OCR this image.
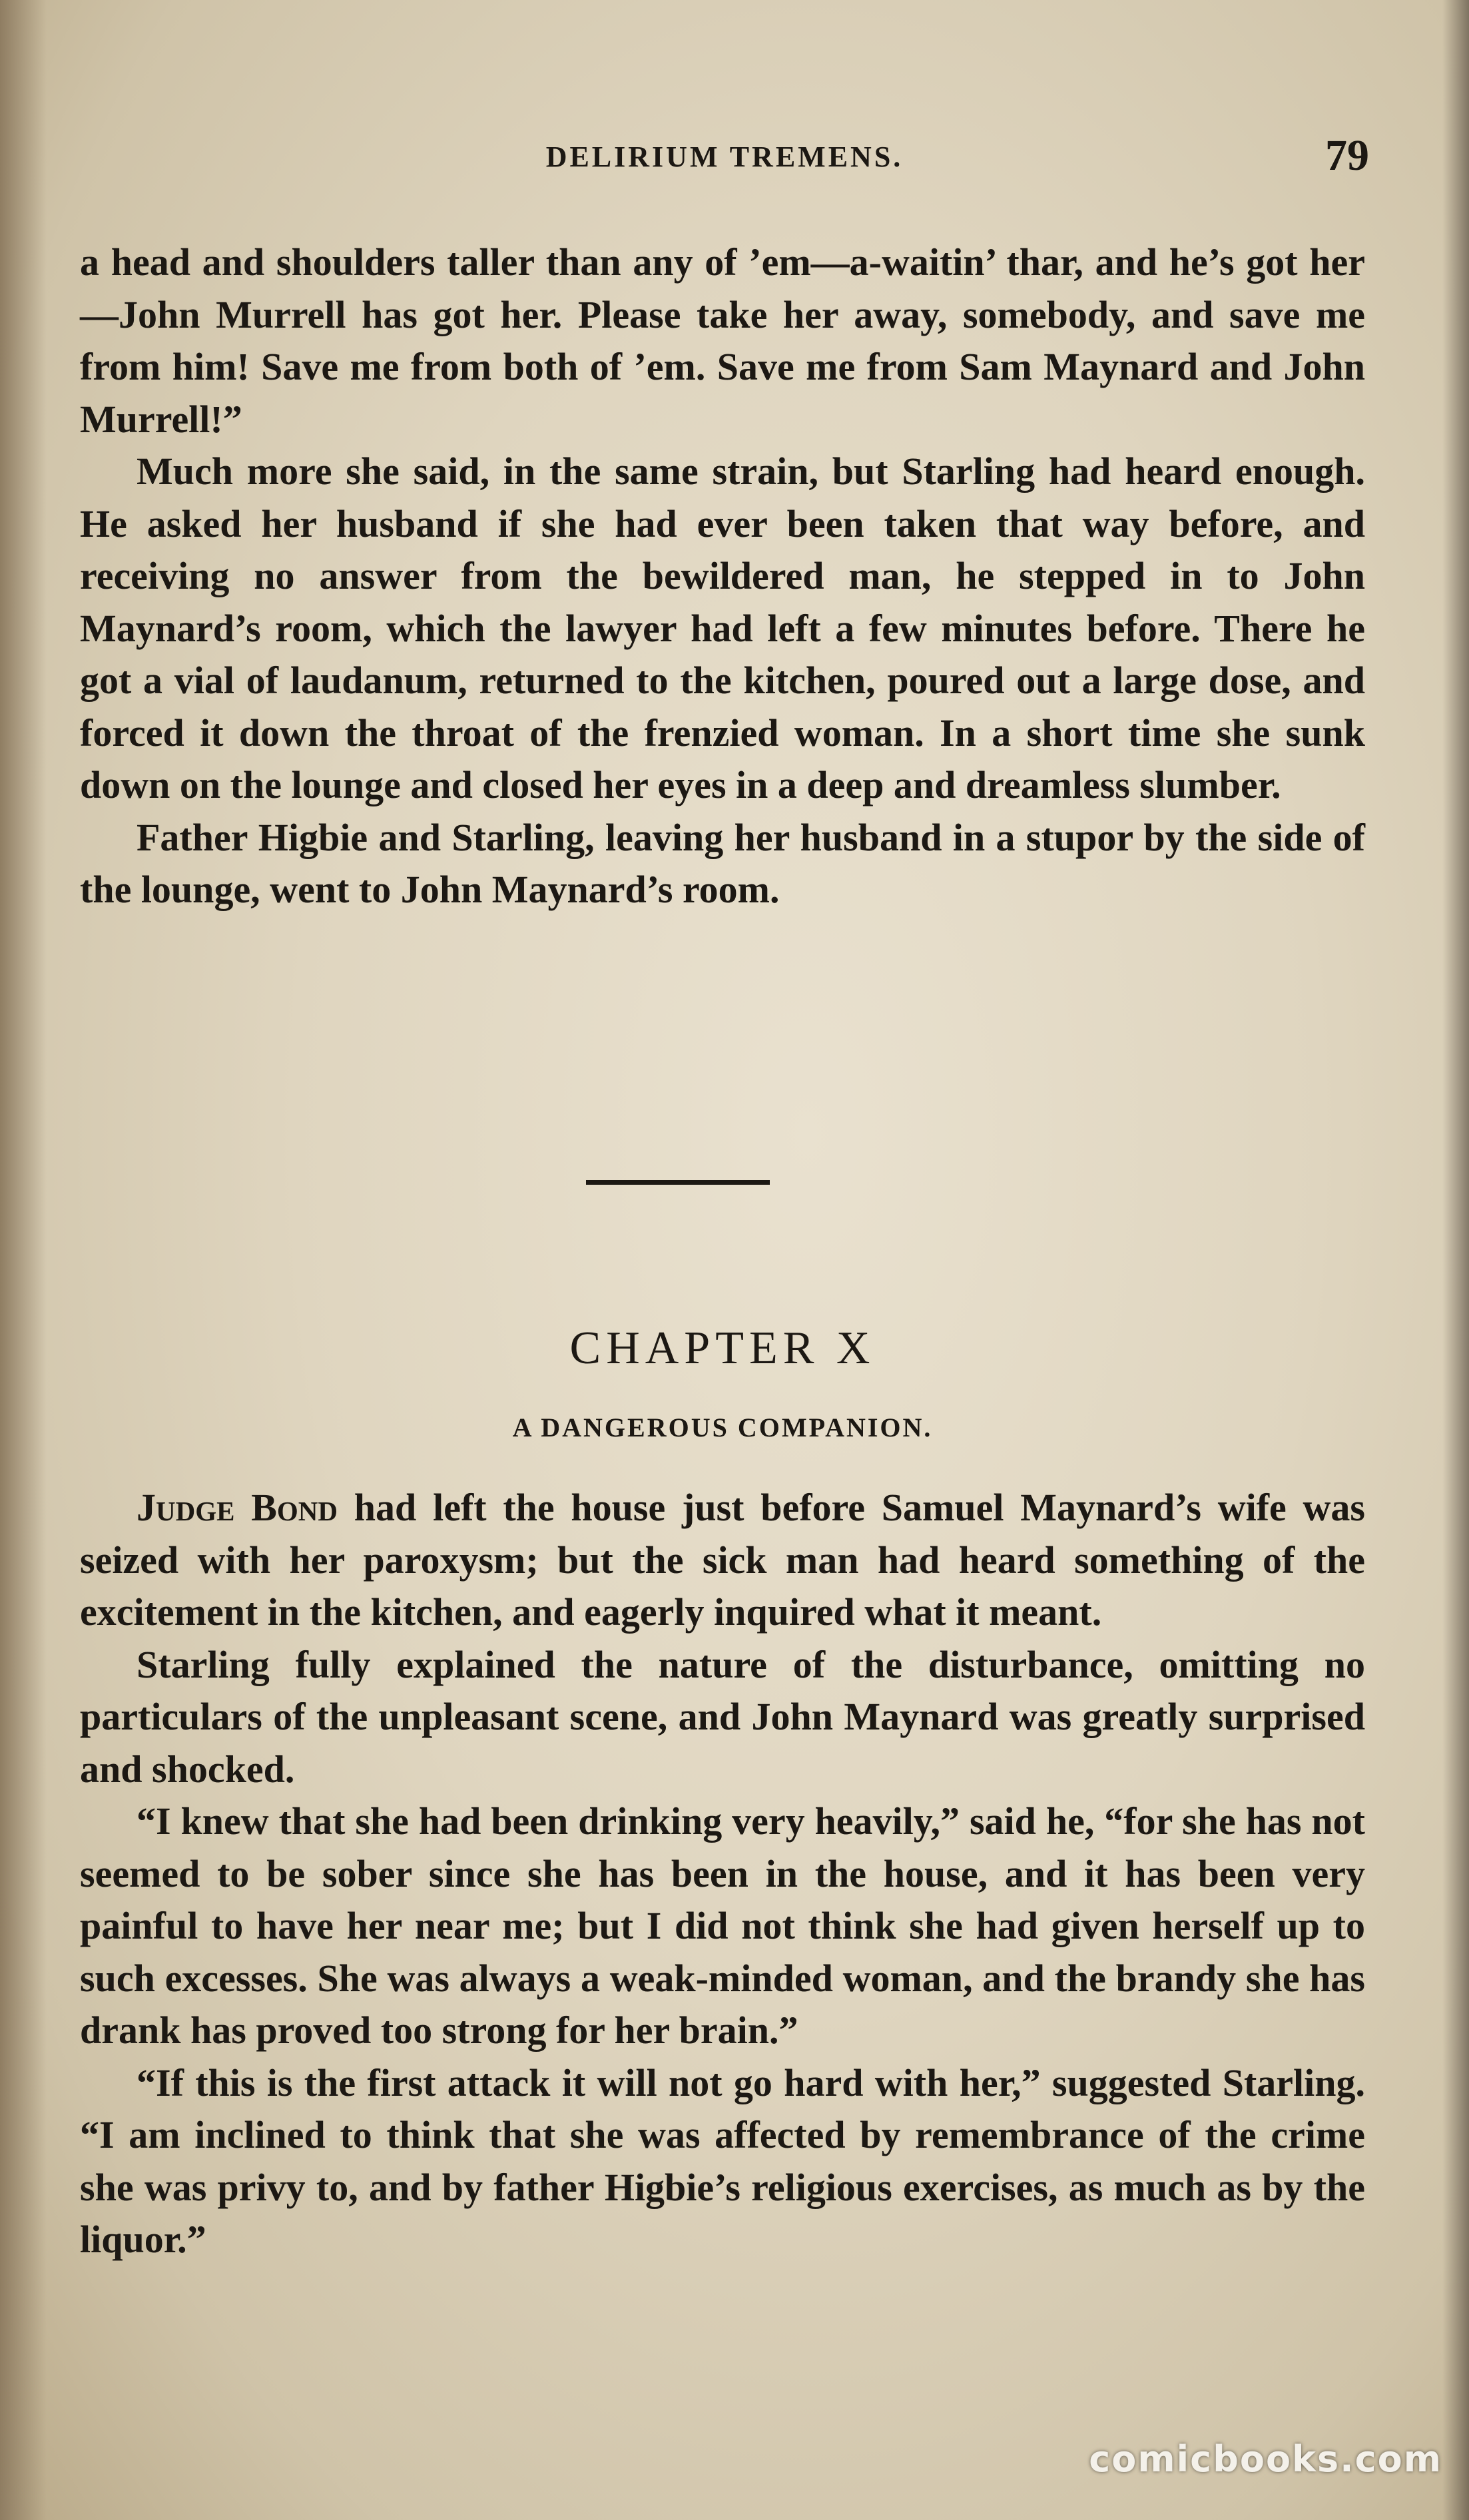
DELIRIUM TREMENS.	79

a head and shoulders taller than any of ’em—a-waitin’ thar, and he’s got her—John Murrell has got her. Please take her away, somebody, and save me from him! Save me from both of ’em. Save me from Sam Maynard and John Murrell!”

Much more she said, in the same strain, but Starling had heard enough. He asked her husband if she had ever been taken that way before, and receiving no answer from the bewildered man, he stepped in to John Maynard’s room, which the lawyer had left a few minutes before. There he got a vial of laudanum, returned to the kitchen, poured out a large dose, and forced it down the throat of the frenzied woman. In a short time she sunk down on the lounge and closed her eyes in a deep and dreamless slumber.

Father Higbie and Starling, leaving her husband in a stupor by the side of the lounge, went to John Maynard’s room.

CHAPTER X
A DANGEROUS COMPANION.

Judge Bond had left the house just before Samuel Maynard’s wife was seized with her paroxysm; but the sick man had heard something of the excitement in the kitchen, and eagerly inquired what it meant.

Starling fully explained the nature of the disturbance, omitting no particulars of the unpleasant scene, and John Maynard was greatly surprised and shocked.

“I knew that she had been drinking very heavily,” said he, “for she has not seemed to be sober since she has been in the house, and it has been very painful to have her near me; but I did not think she had given herself up to such excesses. She was always a weak-minded woman, and the brandy she has drank has proved too strong for her brain.”

“If this is the first attack it will not go hard with her,” suggested Starling. “I am inclined to think that she was affected by remembrance of the crime she was privy to, and by father Higbie’s religious exercises, as much as by the liquor.”

comicbooks.com
